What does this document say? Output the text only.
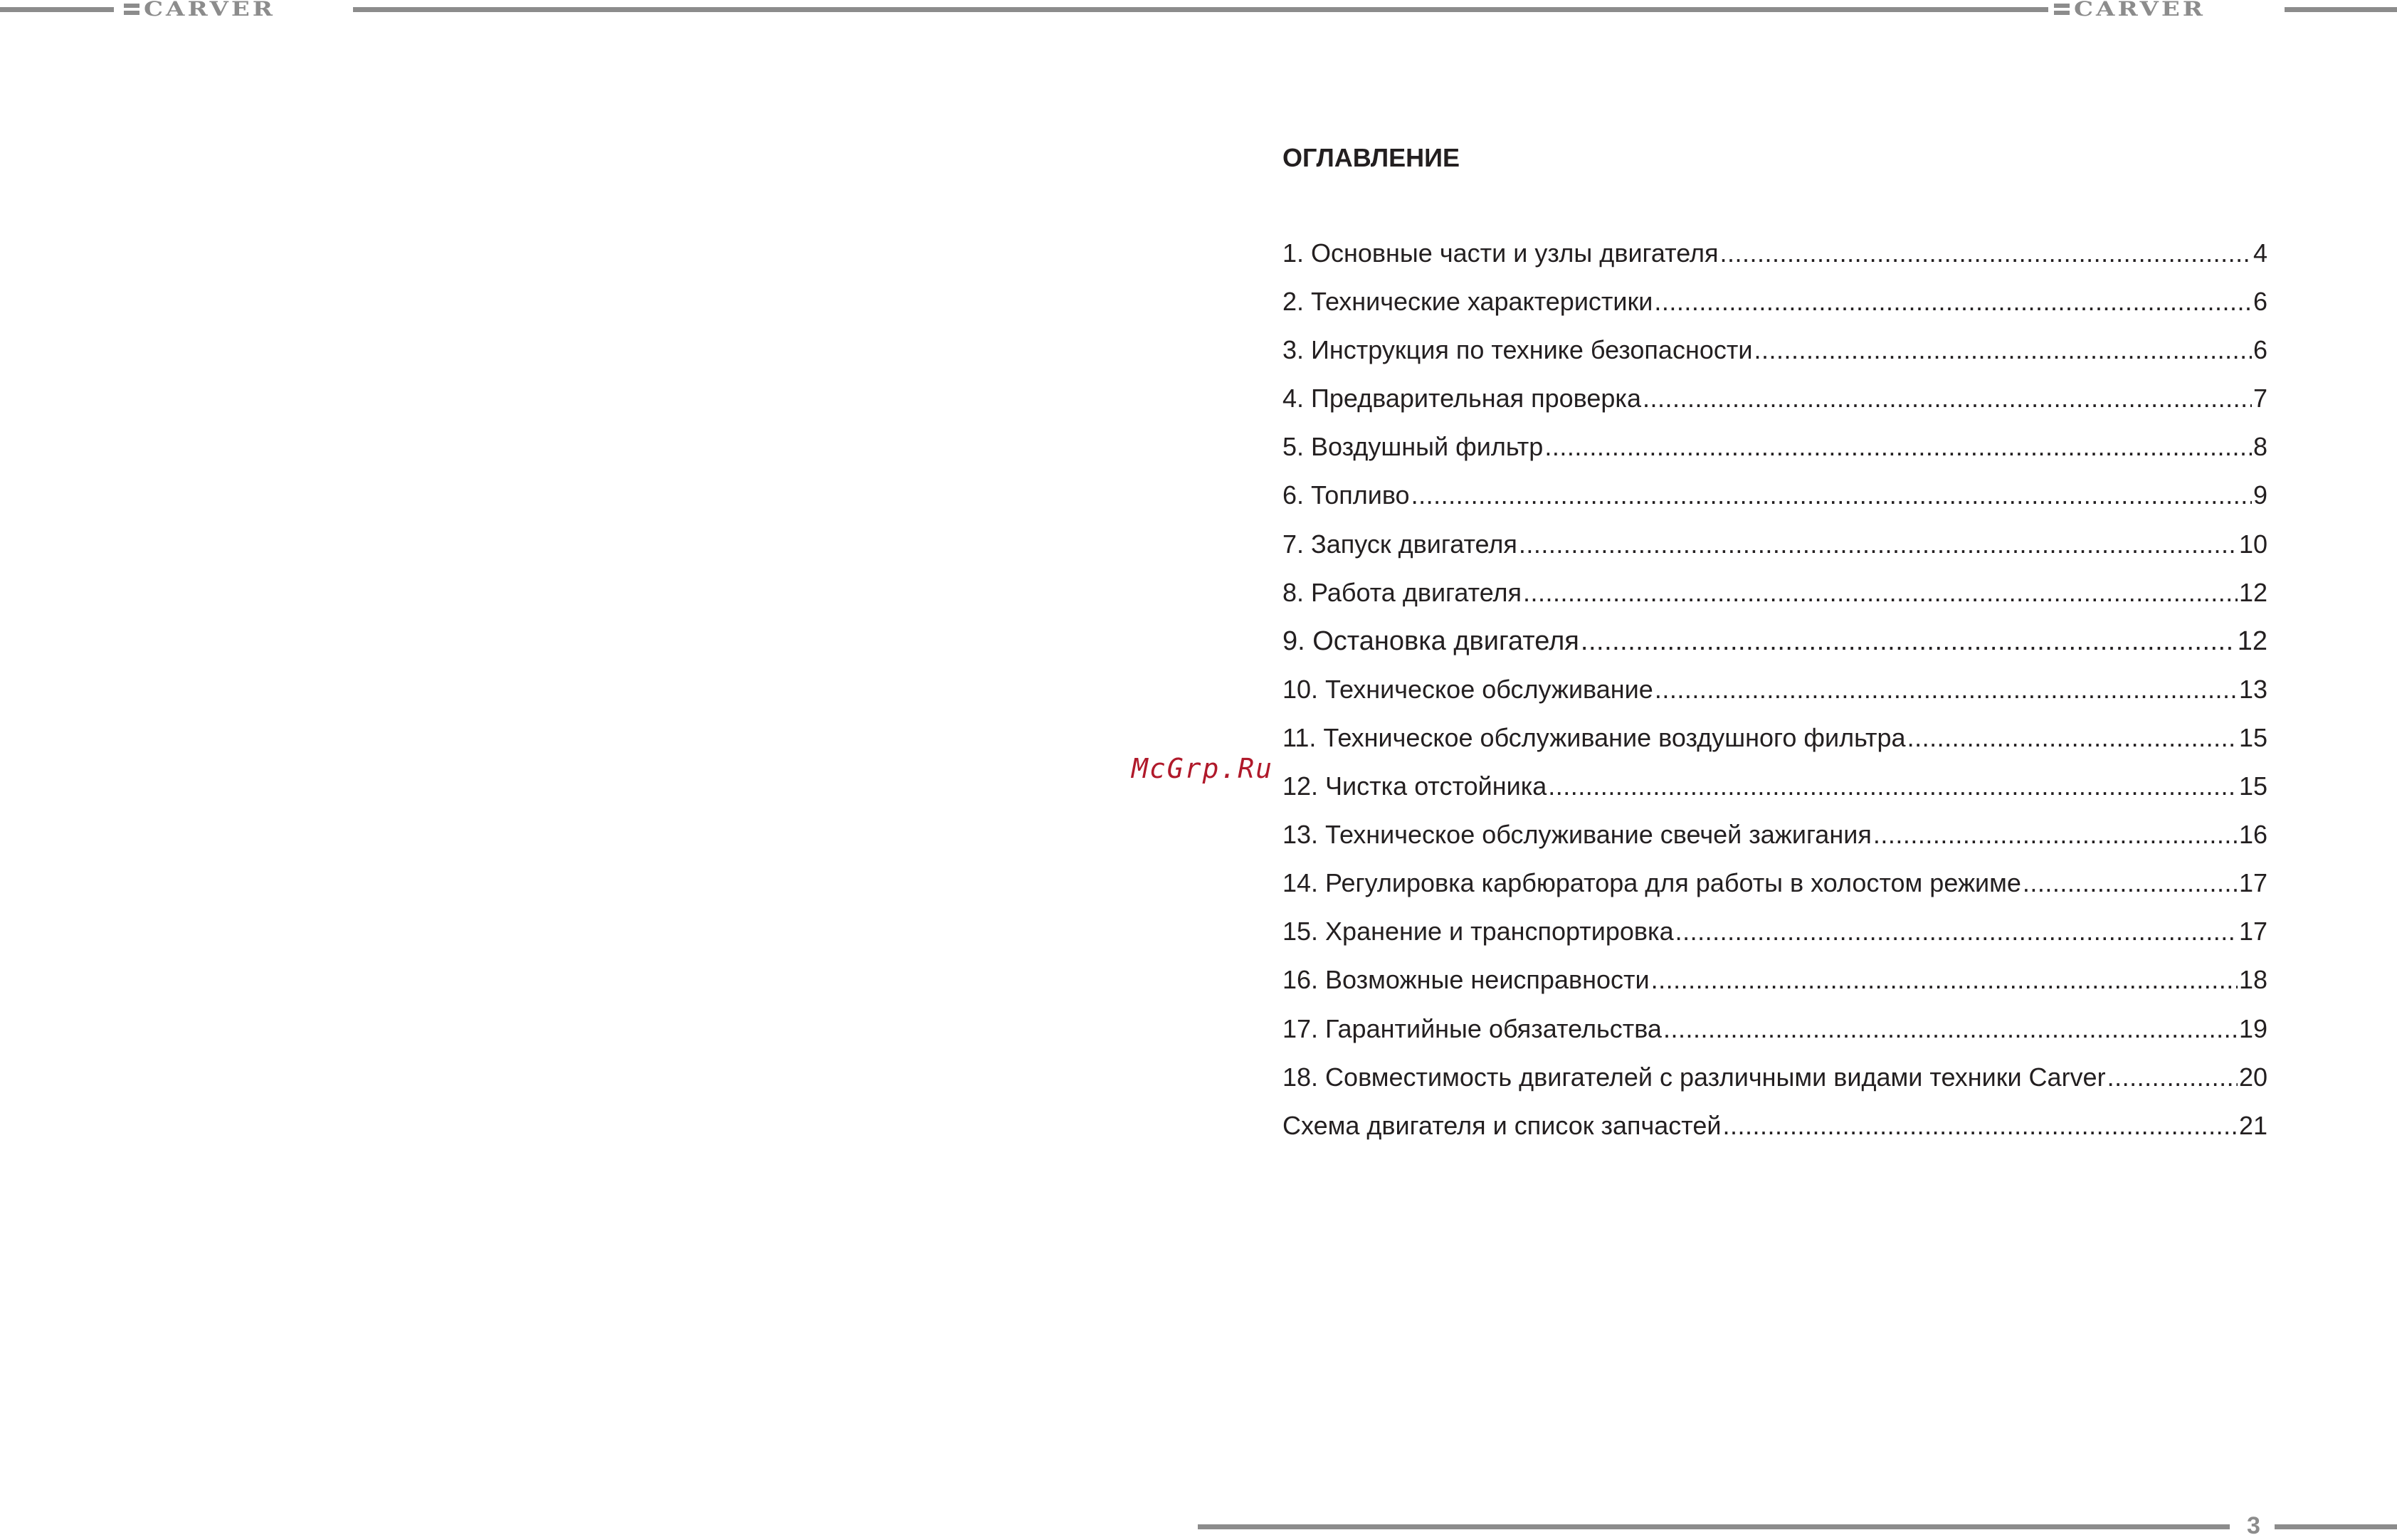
CARVER	CARVER
ОГЛАВЛЕНИЕ
1. Основные части и узлы двигателя .....	4
2. Технические характеристики .....	6
3. Инструкция по технике безопасности .....	6
4. Предварительная проверка .....	7
5. Воздушный фильтр .....	8
6. Топливо .....	9
7. Запуск двигателя .....	10
8. Работа двигателя .....	12
9. Остановка двигателя .....	12
10. Техническое обслуживание .....	13
11. Техническое обслуживание воздушного фильтра .....	15
12. Чистка отстойника .....	15
13. Техническое обслуживание свечей зажигания .....	16
14. Регулировка карбюратора для работы в холостом режиме .....	17
15. Хранение и транспортировка .....	17
16. Возможные неисправности .....	18
17. Гарантийные обязательства .....	19
18. Совместимость двигателей с различными видами техники Carver .....	20
Схема двигателя и список запчастей .....	21
McGrp.Ru
3
